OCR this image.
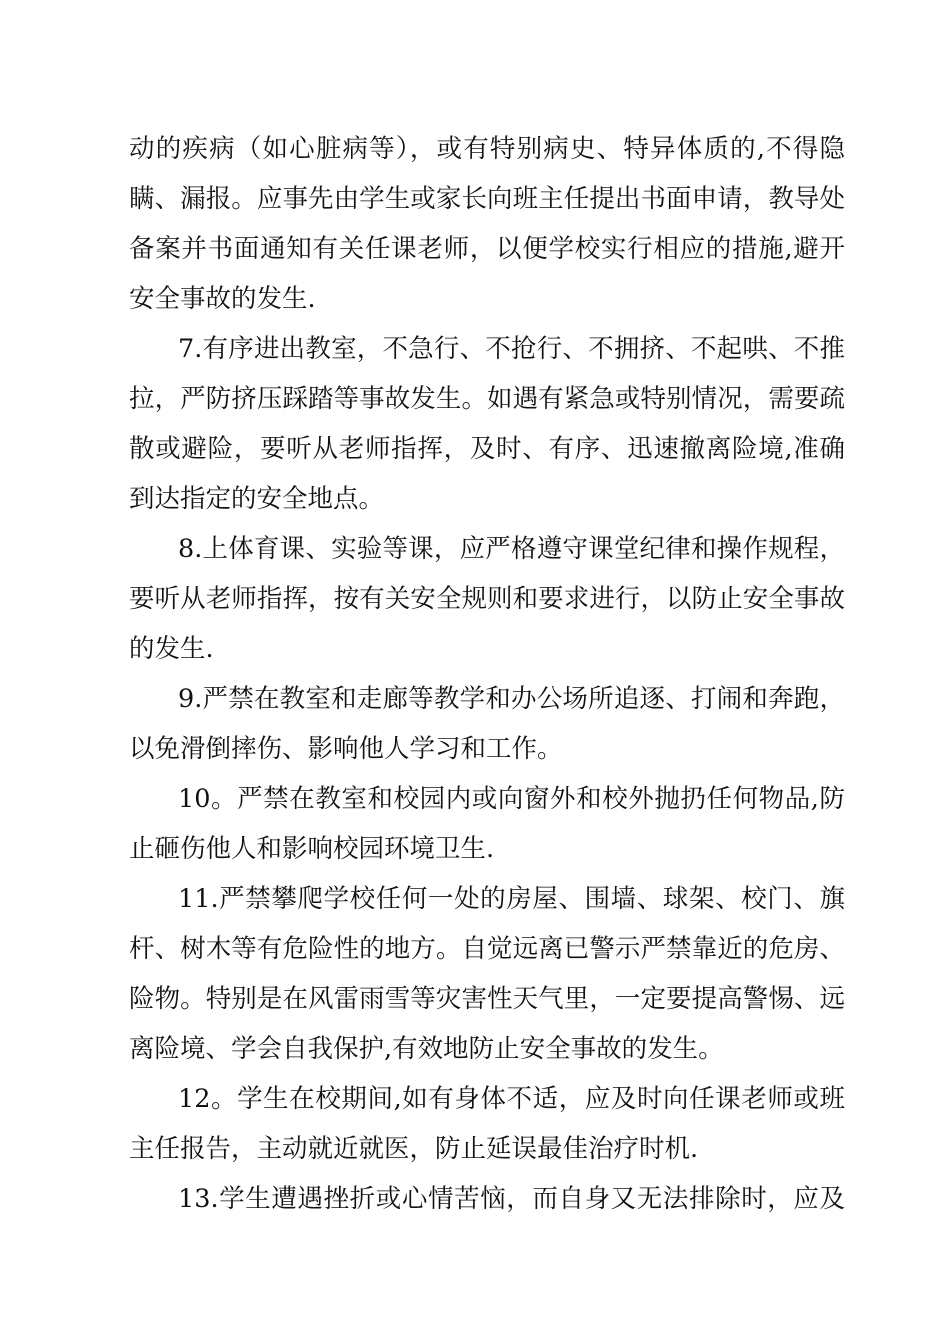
动的疾病（如心脏病等），或有特别病史、特异体质的,不得隐
瞒、漏报。应事先由学生或家长向班主任提出书面申请，教导处
备案并书面通知有关任课老师，以便学校实行相应的措施,避开
安全事故的发生.
7.有序进出教室，不急行、不抢行、不拥挤、不起哄、不推
拉，严防挤压踩踏等事故发生。如遇有紧急或特别情况，需要疏
散或避险，要听从老师指挥，及时、有序、迅速撤离险境,准确
到达指定的安全地点。
8.上体育课、实验等课，应严格遵守课堂纪律和操作规程，
要听从老师指挥，按有关安全规则和要求进行，以防止安全事故
的发生.
9.严禁在教室和走廊等教学和办公场所追逐、打闹和奔跑，
以免滑倒摔伤、影响他人学习和工作。
10。严禁在教室和校园内或向窗外和校外抛扔任何物品,防
止砸伤他人和影响校园环境卫生.
11.严禁攀爬学校任何一处的房屋、围墙、球架、校门、旗
杆、树木等有危险性的地方。自觉远离已警示严禁靠近的危房、
险物。特别是在风雷雨雪等灾害性天气里，一定要提高警惕、远
离险境、学会自我保护,有效地防止安全事故的发生。
12。学生在校期间,如有身体不适，应及时向任课老师或班
主任报告，主动就近就医，防止延误最佳治疗时机.
13.学生遭遇挫折或心情苦恼，而自身又无法排除时，应及
